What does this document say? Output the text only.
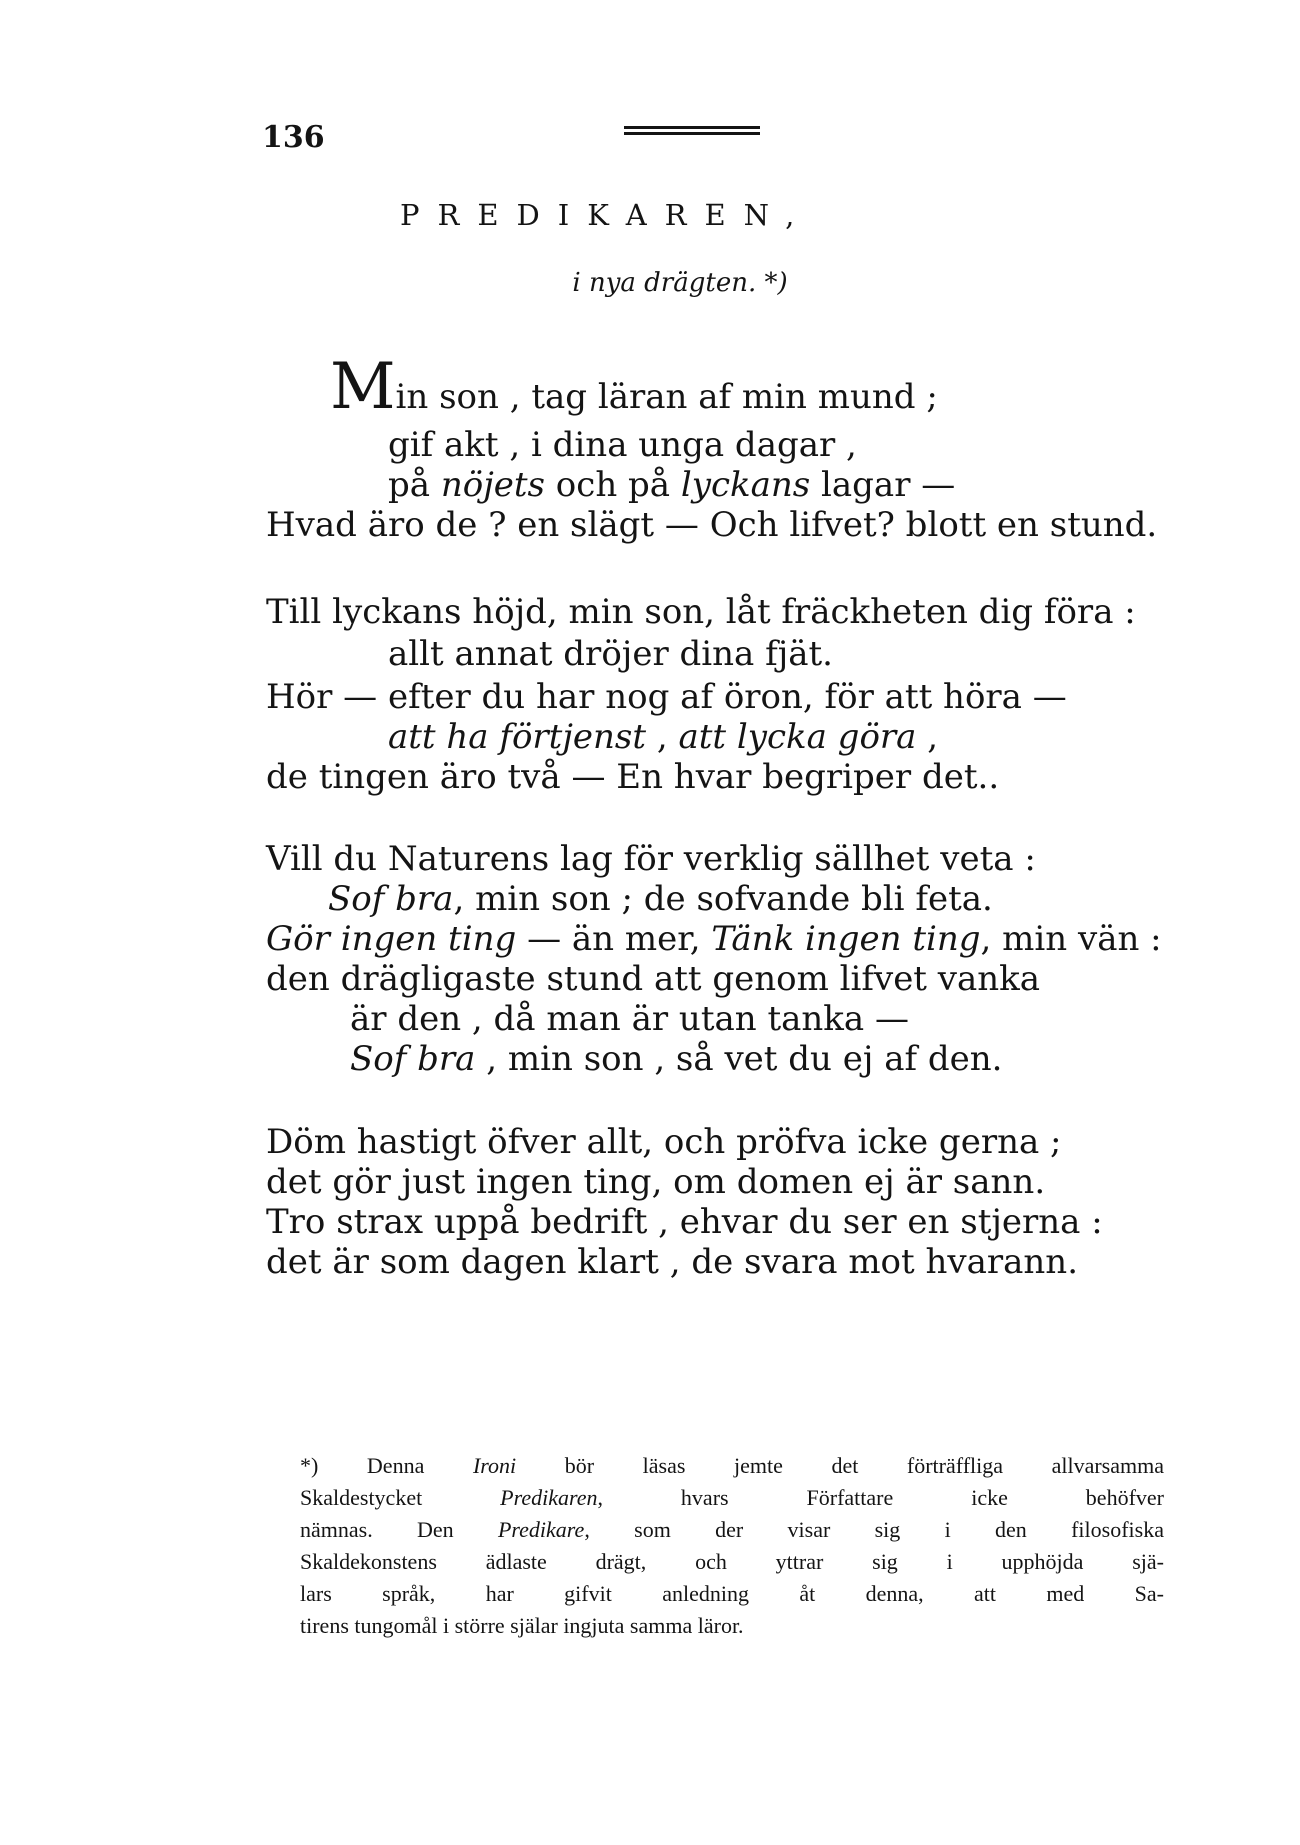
136
PREDIKAREN,
i nya drägten. *)
Min son , tag läran af min mund ;
gif akt , i dina unga dagar ,
på nöjets och på lyckans lagar —
Hvad äro de ? en slägt — Och lifvet? blott en stund.
Till lyckans höjd, min son, låt fräckheten dig föra :
allt annat dröjer dina fjät.
Hör — efter du har nog af öron, för att höra —
att ha förtjenst , att lycka göra ,
de tingen äro två — En hvar begriper det..
Vill du Naturens lag för verklig sällhet veta :
Sof bra, min son ; de sofvande bli feta.
Gör ingen ting — än mer, Tänk ingen ting, min vän :
den drägligaste stund att genom lifvet vanka
är den , då man är utan tanka —
Sof bra , min son , så vet du ej af den.
Döm hastigt öfver allt, och pröfva icke gerna ;
det gör just ingen ting, om domen ej är sann.
Tro strax uppå bedrift , ehvar du ser en stjerna :
det är som dagen klart , de svara mot hvarann.
*) Denna Ironi bör läsas jemte det förträffliga allvarsamma
Skaldestycket Predikaren, hvars Författare icke behöfver
nämnas. Den Predikare, som der visar sig i den filosofiska
Skaldekonstens ädlaste drägt, och yttrar sig i upphöjda sjä-
lars språk, har gifvit anledning åt denna, att med Sa-
tirens tungomål i större själar ingjuta samma läror.
